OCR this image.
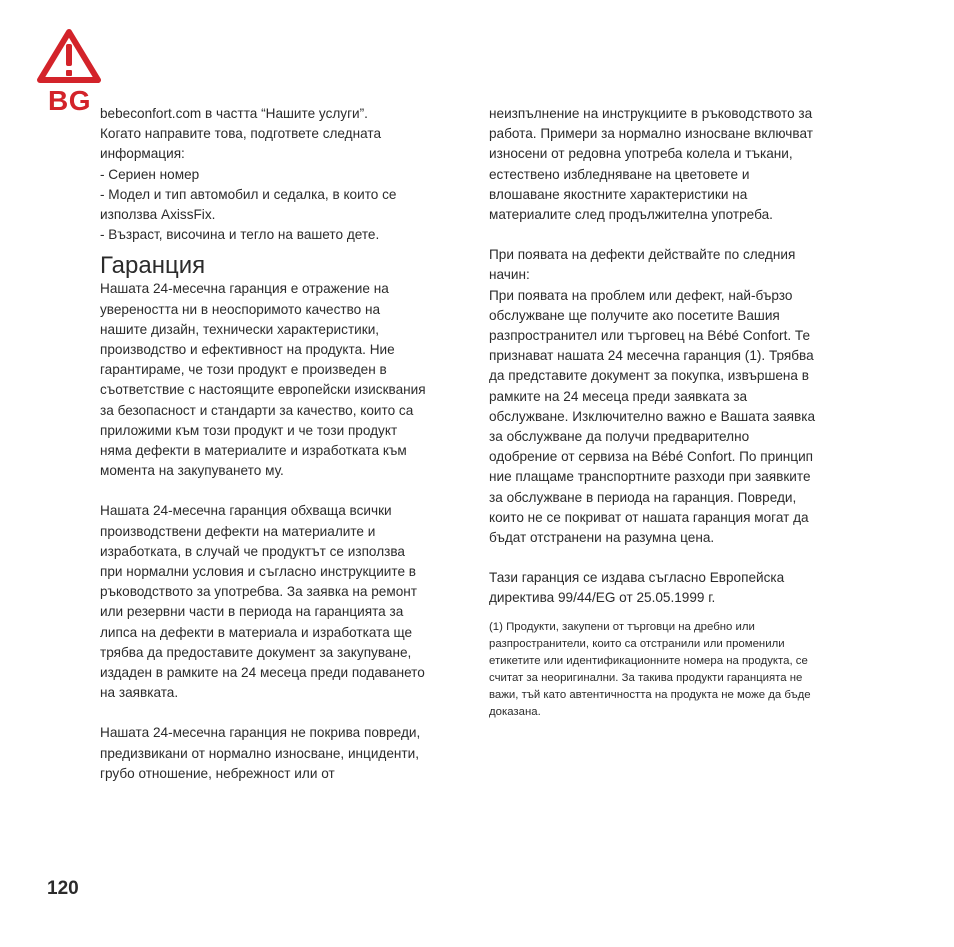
BG bebeconfort.com в частта “Нашите услуги”.

Когато направите това, подгответе следната

информация:

- Сериен номер

- Модел и тип автомобил и седалка, в които се

използва AxissFix.

- Възраст, височина и тегло на вашето дете.

Гаранция

Нашата 24-месечна гаранция е отражение на

увереността ни в неоспоримото качество на

нашите дизайн, технически характеристики,

производство и ефективност на продукта. Ние

гарантираме, че този продукт е произведен в

съответствие с настоящите европейски изисквания

за безопасност и стандарти за качество, които са

приложими към този продукт и че този продукт

няма дефекти в материалите и изработката към

момента на закупуването му.

Нашата 24-месечна гаранция обхваща всички

производствени дефекти на материалите и

изработката, в случай че продуктът се използва

при нормални условия и съгласно инструкциите в

ръководството за употребва. За заявка на ремонт

или резервни части в периода на гаранцията за

липса на дефекти в материала и изработката ще

трябва да предоставите документ за закупуване,

издаден в рамките на 24 месеца преди подаването

на заявката.

Нашата 24-месечна гаранция не покрива повреди,

предизвикани от нормално износване, инциденти,

грубо отношение, небрежност или от

неизпълнение на инструкциите в ръководството за

работа. Примери за нормално износване включват

износени от редовна употреба колела и тъкани,

естествено избледняване на цветовете и

влошаване якостните характеристики на

материалите след продължителна употреба.

При появата на дефекти действайте по следния

начин:

При появата на проблем или дефект, най-бързо

обслужване ще получите ако посетите Вашия

разпространител или търговец на Bébé Confort. Те

признават нашата 24 месечна гаранция (1). Трябва

да представите документ за покупка, извършена в

рамките на 24 месеца преди заявката за

обслужване. Изключително важно е Вашата заявка

за обслужване да получи предварително

одобрение от сервиза на Bébé Confort. По принцип

ние плащаме транспортните разходи при заявките

за обслужване в периода на гаранция. Повреди,

които не се покриват от нашата гаранция могат да

бъдат отстранени на разумна цена.

Тази гаранция се издава съгласно Европейска

директива 99/44/EG от 25.05.1999 г.

(1) Продукти, закупени от търговци на дребно или

разпространители, които са отстранили или променили

етикетите или идентификационните номера на продукта, се

считат за неоригинални. За такива продукти гаранцията не

важи, тъй като автентичността на продукта не може да бъде

доказана.

120
